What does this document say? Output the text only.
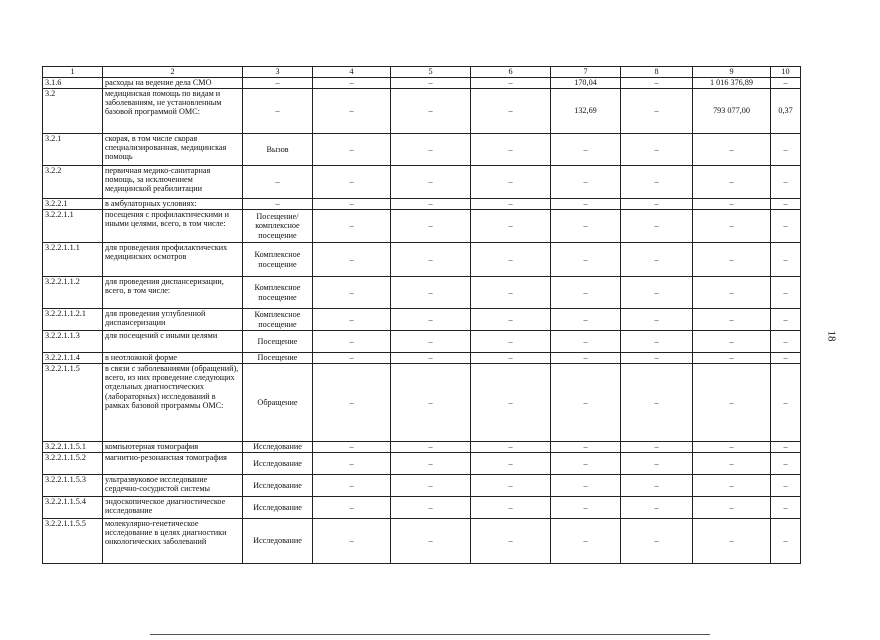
1	2	3	4	5	6	7	8	9	10
3.1.6	расходы на ведение дела СМО	–	–	–	–	170,04	–	1 016 376,89	–
3.2	медицинская помощь по видам и заболеваниям, не установленным базовой программой ОМС:	–	–	–	–	132,69	–	793 077,00	0,37
3.2.1	скорая, в том числе скорая специализированная, медицинская помощь	Вызов	–	–	–	–	–	–	–
3.2.2	первичная медико-санитарная помощь, за исключением медицинской реабилитации	–	–	–	–	–	–	–	–
3.2.2.1	в амбулаторных условиях:	–	–	–	–	–	–	–	–
3.2.2.1.1	посещения с профилактическими и иными целями, всего, в том числе:	Посещение/ комплексное посещение	–	–	–	–	–	–	–
3.2.2.1.1.1	для проведения профилактических медицинских осмотров	Комплексное посещение	–	–	–	–	–	–	–
3.2.2.1.1.2	для проведения диспансеризации, всего, в том числе:	Комплексное посещение	–	–	–	–	–	–	–
3.2.2.1.1.2.1	для проведения углубленной диспансеризации	Комплексное посещение	–	–	–	–	–	–	–
3.2.2.1.1.3	для посещений с иными целями	Посещение	–	–	–	–	–	–	–
3.2.2.1.1.4	в неотложной форме	Посещение	–	–	–	–	–	–	–
3.2.2.1.1.5	в связи с заболеваниями (обращений), всего, из них проведение следующих отдельных диагностических (лабораторных) исследований в рамках базовой программы ОМС:	Обращение	–	–	–	–	–	–	–
3.2.2.1.1.5.1	компьютерная томография	Исследование	–	–	–	–	–	–	–
3.2.2.1.1.5.2	магнитно-резонансная томография	Исследование	–	–	–	–	–	–	–
3.2.2.1.1.5.3	ультразвуковое исследование сердечно-сосудистой системы	Исследование	–	–	–	–	–	–	–
3.2.2.1.1.5.4	эндоскопическое диагностическое исследование	Исследование	–	–	–	–	–	–	–
3.2.2.1.1.5.5	молекулярно-генетическое исследование в целях диагностики онкологических заболеваний	Исследование	–	–	–	–	–	–	–
18
